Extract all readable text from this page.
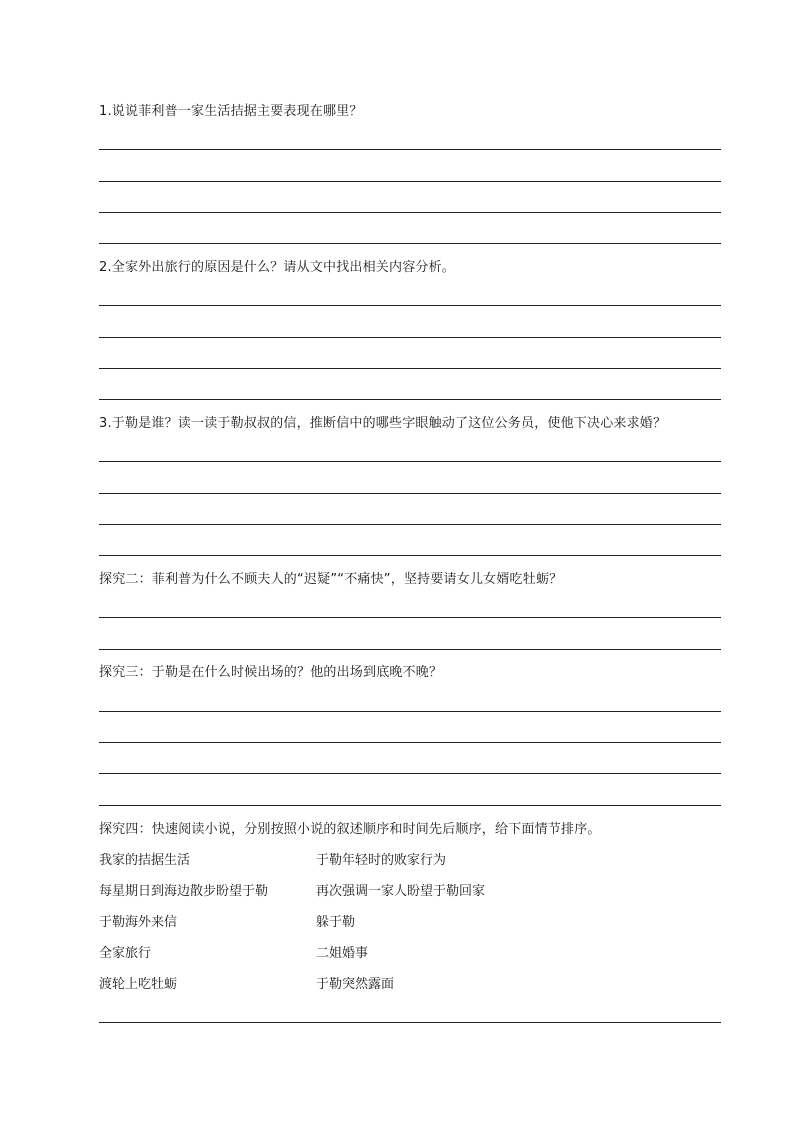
1.说说菲利普一家生活拮据主要表现在哪里？

2.全家外出旅行的原因是什么？请从文中找出相关内容分析。

3.于勒是谁？读一读于勒叔叔的信，推断信中的哪些字眼触动了这位公务员，使他下决心来求婚？

探究二：菲利普为什么不顾夫人的“迟疑”“不痛快”，坚持要请女儿女婿吃牡蛎？

探究三：于勒是在什么时候出场的？他的出场到底晚不晚？

探究四：快速阅读小说，分别按照小说的叙述顺序和时间先后顺序，给下面情节排序。

我家的拮据生活	于勒年轻时的败家行为

每星期日到海边散步盼望于勒	再次强调一家人盼望于勒回家

于勒海外来信	躲于勒

全家旅行	二姐婚事

渡轮上吃牡蛎	于勒突然露面
